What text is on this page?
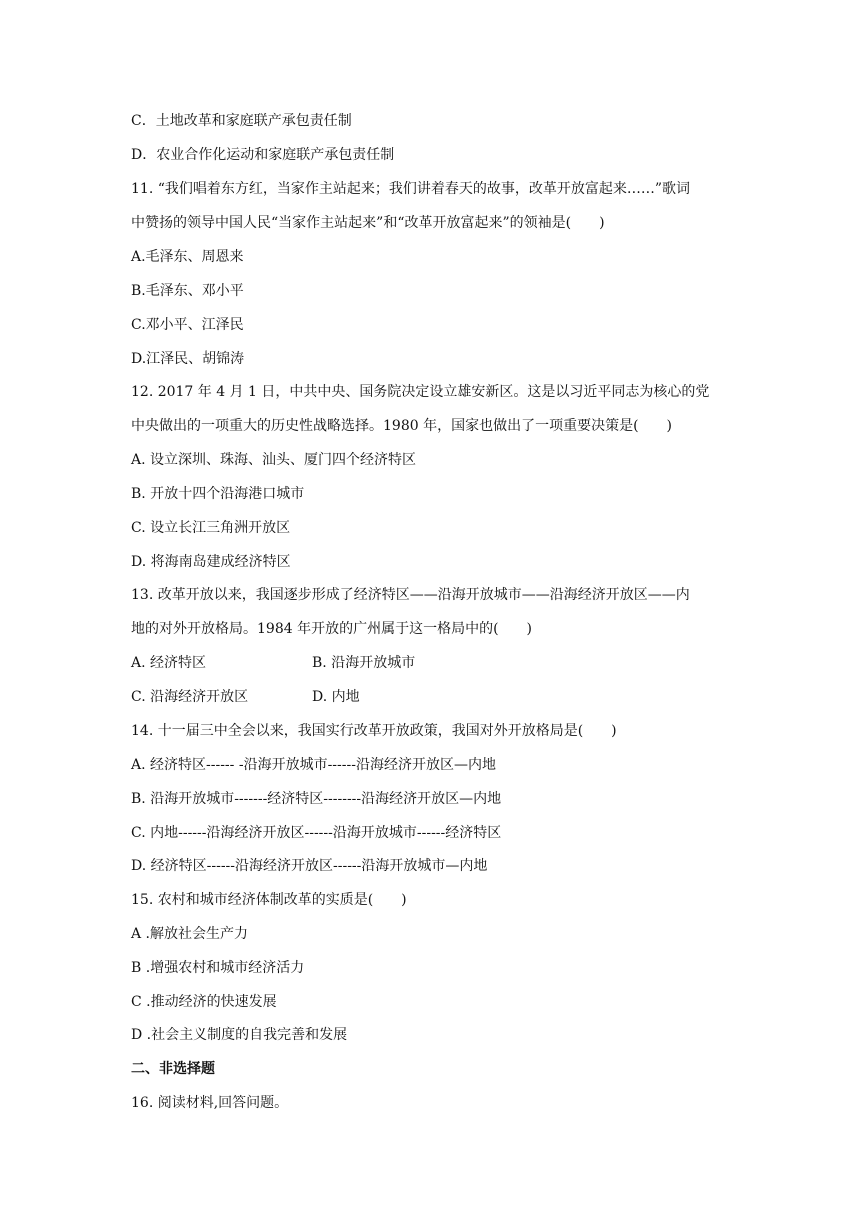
C．土地改革和家庭联产承包责任制
D．农业合作化运动和家庭联产承包责任制
11. “我们唱着东方红，当家作主站起来；我们讲着春天的故事，改革开放富起来……”歌词
中赞扬的领导中国人民“当家作主站起来”和“改革开放富起来”的领袖是(　　)
A.毛泽东、周恩来
B.毛泽东、邓小平
C.邓小平、江泽民
D.江泽民、胡锦涛
12. 2017 年 4 月 1 日，中共中央、国务院决定设立雄安新区。这是以习近平同志为核心的党
中央做出的一项重大的历史性战略选择。1980 年，国家也做出了一项重要决策是(　　)
A. 设立深圳、珠海、汕头、厦门四个经济特区
B. 开放十四个沿海港口城市
C. 设立长江三角洲开放区
D. 将海南岛建成经济特区
13. 改革开放以来，我国逐步形成了经济特区——沿海开放城市——沿海经济开放区——内
地的对外开放格局。1984 年开放的广州属于这一格局中的(　　)
A. 经济特区	B. 沿海开放城市
C. 沿海经济开放区	D. 内地
14. 十一届三中全会以来，我国实行改革开放政策，我国对外开放格局是(　　)
A. 经济特区------ -沿海开放城市------沿海经济开放区—内地
B. 沿海开放城市-------经济特区--------沿海经济开放区—内地
C. 内地------沿海经济开放区------沿海开放城市------经济特区
D. 经济特区------沿海经济开放区------沿海开放城市—内地
15. 农村和城市经济体制改革的实质是(　　)
A .解放社会生产力
B .增强农村和城市经济活力
C .推动经济的快速发展
D .社会主义制度的自我完善和发展
二、非选择题
16. 阅读材料,回答问题。
